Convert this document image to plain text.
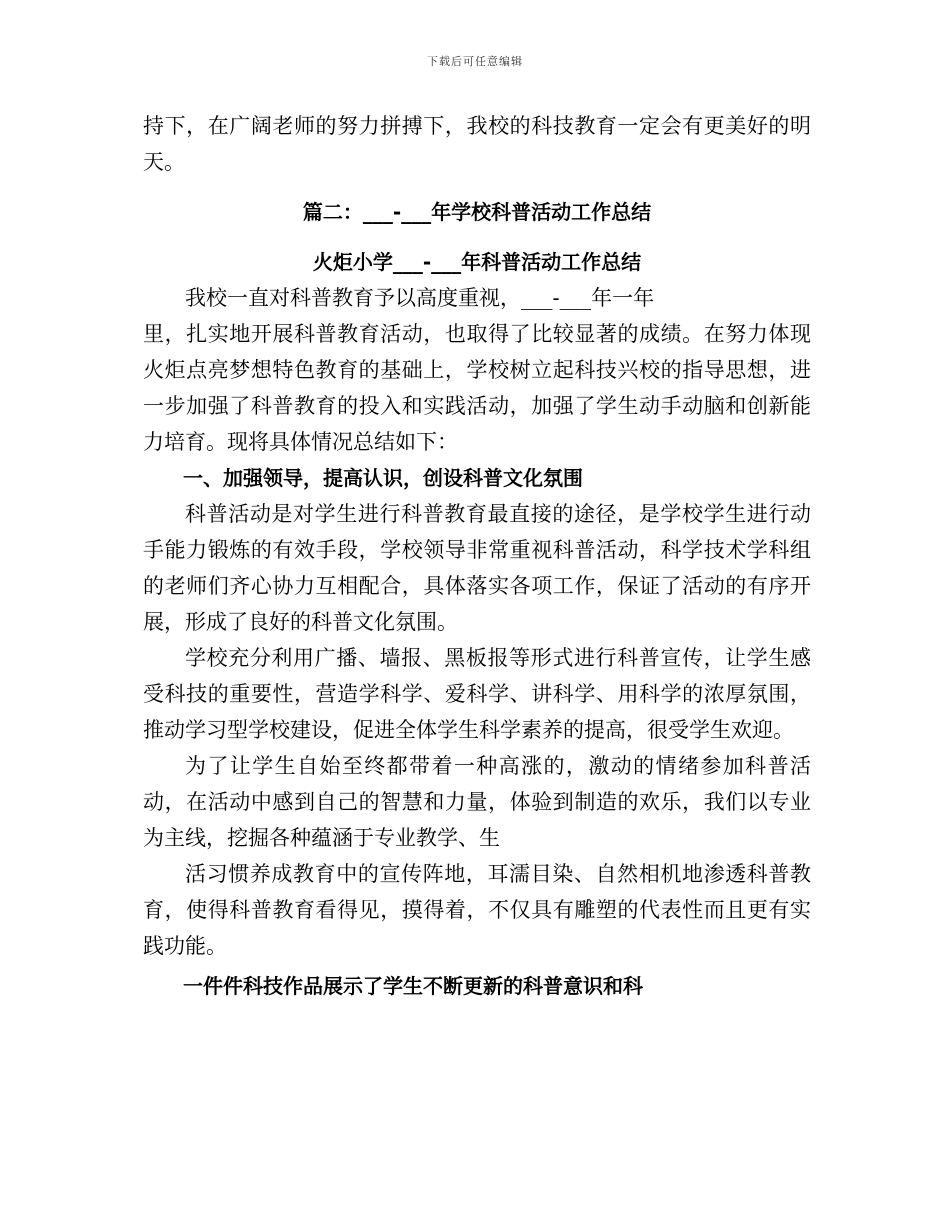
下载后可任意编辑

持下，在广阔老师的努力拼搏下，我校的科技教育一定会有更美好的明天。

篇二：___-___年学校科普活动工作总结

火炬小学___-___年科普活动工作总结

我校一直对科普教育予以高度重视，___-___年一年

里，扎实地开展科普教育活动，也取得了比较显著的成绩。在努力体现火炬点亮梦想特色教育的基础上，学校树立起科技兴校的指导思想，进一步加强了科普教育的投入和实践活动，加强了学生动手动脑和创新能力培育。现将具体情况总结如下：

一、加强领导，提高认识，创设科普文化氛围

科普活动是对学生进行科普教育最直接的途径，是学校学生进行动手能力锻炼的有效手段，学校领导非常重视科普活动，科学技术学科组的老师们齐心协力互相配合，具体落实各项工作，保证了活动的有序开展，形成了良好的科普文化氛围。

学校充分利用广播、墙报、黑板报等形式进行科普宣传，让学生感受科技的重要性，营造学科学、爱科学、讲科学、用科学的浓厚氛围，推动学习型学校建设，促进全体学生科学素养的提高，很受学生欢迎。

为了让学生自始至终都带着一种高涨的，激动的情绪参加科普活动，在活动中感到自己的智慧和力量，体验到制造的欢乐，我们以专业为主线，挖掘各种蕴涵于专业教学、生

活习惯养成教育中的宣传阵地，耳濡目染、自然相机地渗透科普教育，使得科普教育看得见，摸得着，不仅具有雕塑的代表性而且更有实践功能。

一件件科技作品展示了学生不断更新的科普意识和科
